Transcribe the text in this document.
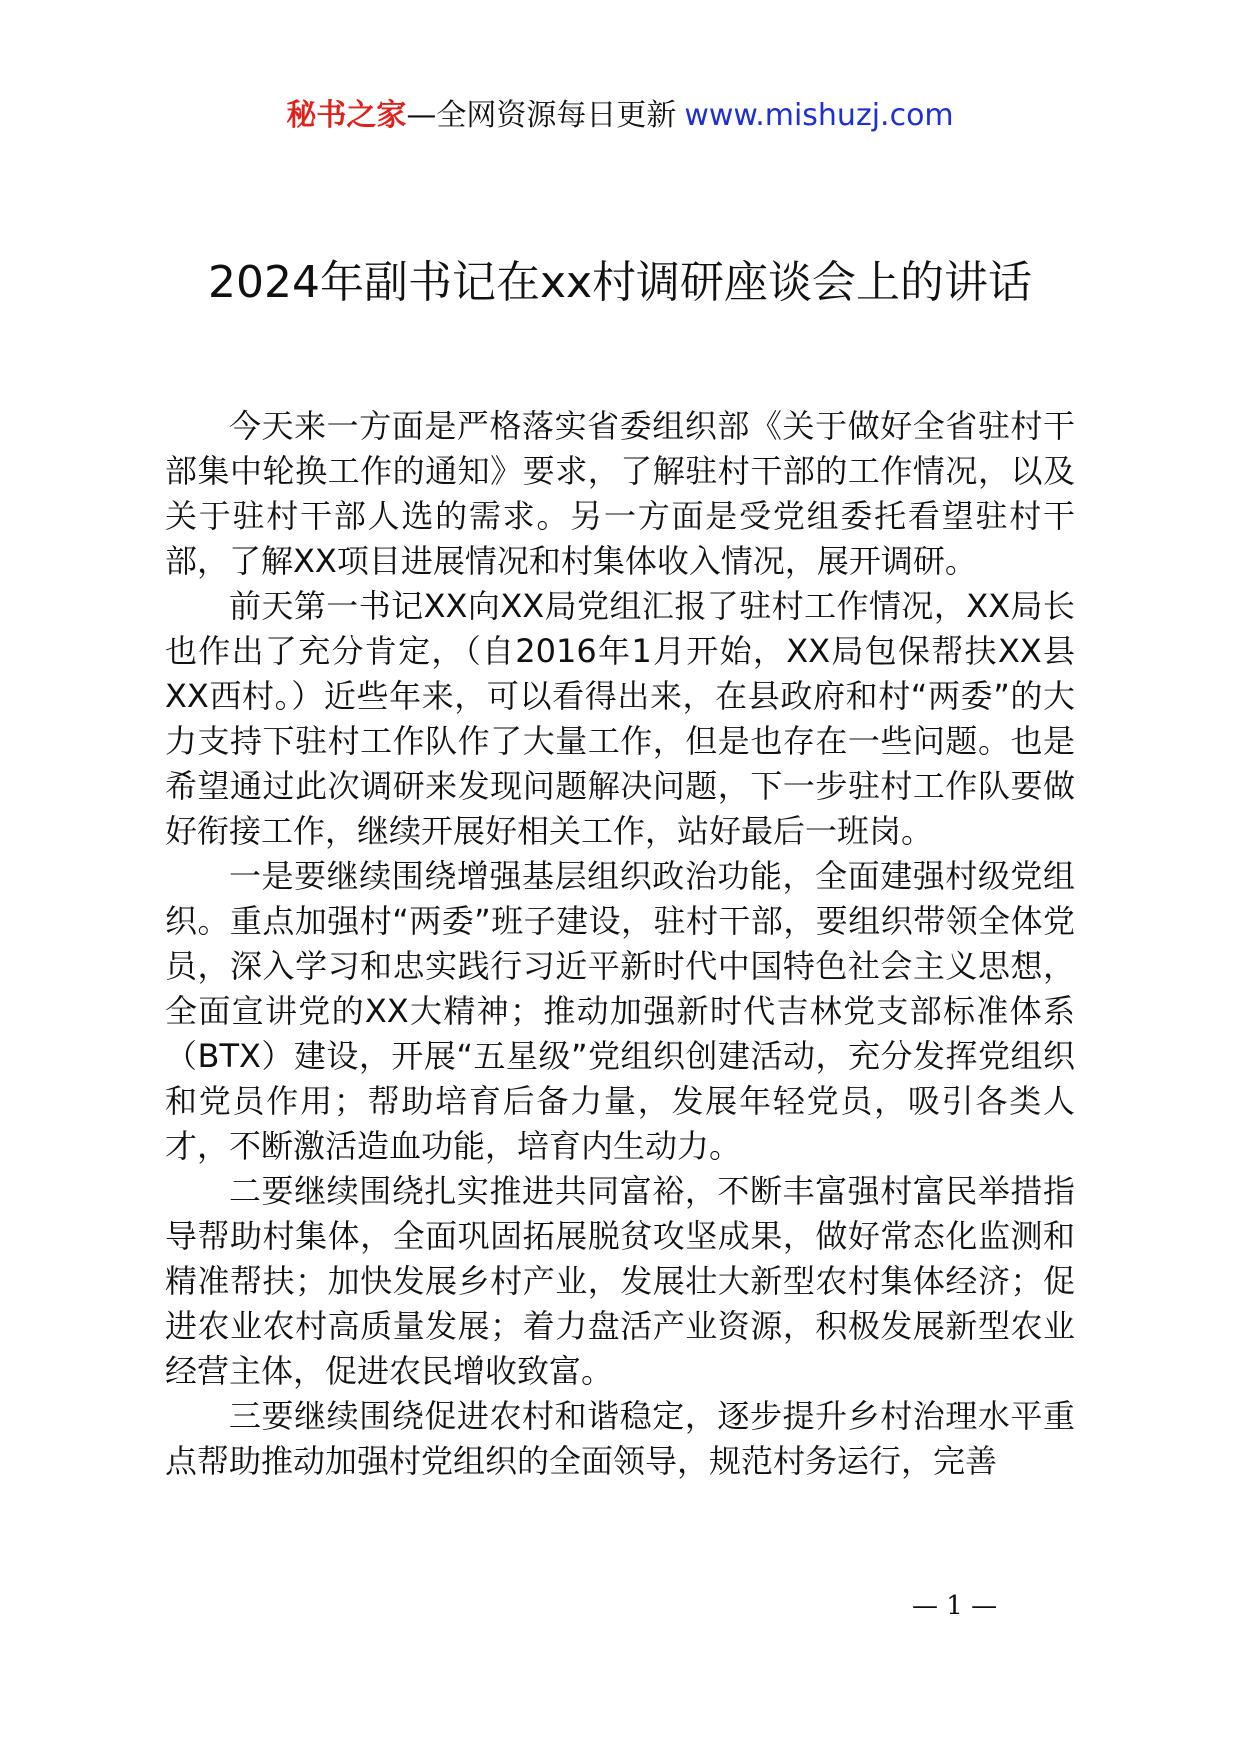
秘书之家—全网资源每日更新 www.mishuzj.com
2024年副书记在xx村调研座谈会上的讲话

今天来一方面是严格落实省委组织部《关于做好全省驻村干部集中轮换工作的通知》要求，了解驻村干部的工作情况，以及关于驻村干部人选的需求。另一方面是受党组委托看望驻村干部，了解XX项目进展情况和村集体收入情况，展开调研。

前天第一书记XX向XX局党组汇报了驻村工作情况，XX局长也作出了充分肯定，（自2016年1月开始，XX局包保帮扶XX县XX西村。）近些年来，可以看得出来，在县政府和村“两委”的大力支持下驻村工作队作了大量工作，但是也存在一些问题。也是希望通过此次调研来发现问题解决问题，下一步驻村工作队要做好衔接工作，继续开展好相关工作，站好最后一班岗。

一是要继续围绕增强基层组织政治功能，全面建强村级党组织。重点加强村“两委”班子建设，驻村干部，要组织带领全体党员，深入学习和忠实践行习近平新时代中国特色社会主义思想，全面宣讲党的XX大精神；推动加强新时代吉林党支部标准体系（BTX）建设，开展“五星级”党组织创建活动，充分发挥党组织和党员作用；帮助培育后备力量，发展年轻党员，吸引各类人才，不断激活造血功能，培育内生动力。

二要继续围绕扎实推进共同富裕，不断丰富强村富民举措指导帮助村集体，全面巩固拓展脱贫攻坚成果，做好常态化监测和精准帮扶；加快发展乡村产业，发展壮大新型农村集体经济；促进农业农村高质量发展；着力盘活产业资源，积极发展新型农业经营主体，促进农民增收致富。

三要继续围绕促进农村和谐稳定，逐步提升乡村治理水平重点帮助推动加强村党组织的全面领导，规范村务运行，完善

— 1 —
